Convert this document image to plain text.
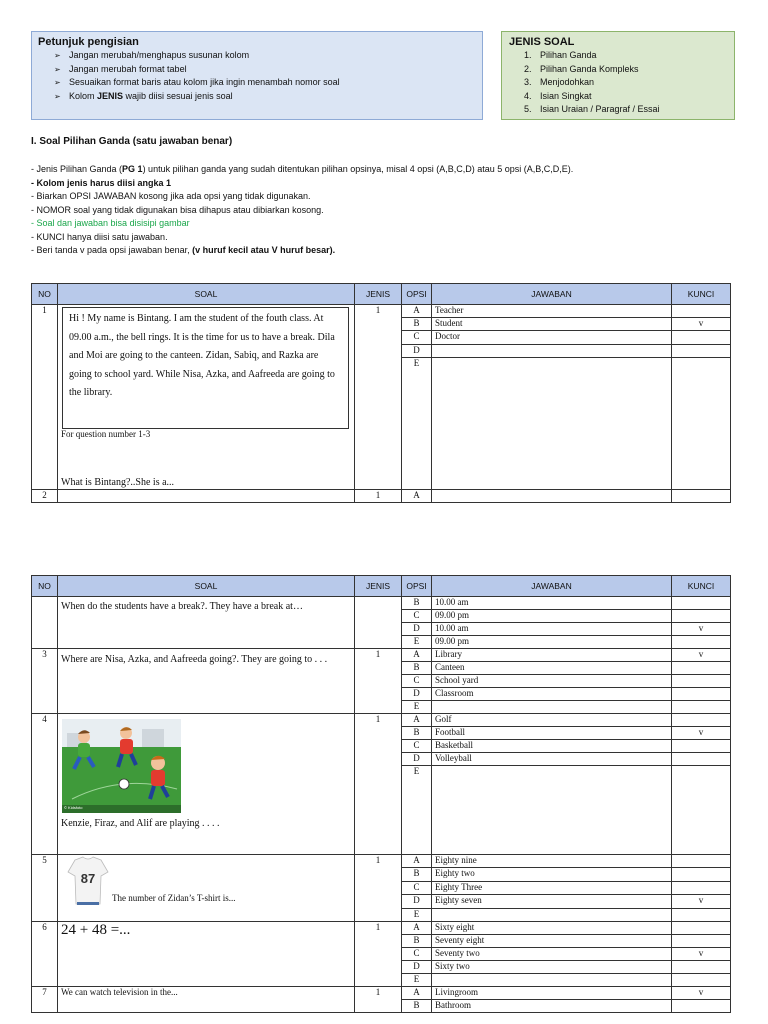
Petunjuk pengisian
➢ Jangan merubah/menghapus susunan kolom
➢ Jangan merubah format tabel
➢ Sesuaikan format baris atau kolom jika ingin menambah nomor soal
➢ Kolom JENIS wajib diisi sesuai jenis soal
JENIS SOAL
1. Pilihan Ganda
2. Pilihan Ganda Kompleks
3. Menjodohkan
4. Isian Singkat
5. Isian Uraian / Paragraf / Essai
I. Soal Pilihan Ganda (satu jawaban benar)
- Jenis Pilihan Ganda (PG 1) untuk pilihan ganda yang sudah ditentukan pilihan opsinya, misal 4 opsi (A,B,C,D) atau 5 opsi (A,B,C,D,E).
- Kolom jenis harus diisi angka 1
- Biarkan OPSI JAWABAN kosong jika ada opsi yang tidak digunakan.
- NOMOR soal yang tidak digunakan bisa dihapus atau dibiarkan kosong.
- Soal dan jawaban bisa disisipi gambar
- KUNCI hanya diisi satu jawaban.
- Beri tanda v pada opsi jawaban benar, (v huruf kecil atau V huruf besar).
NO	SOAL	JENIS	OPSI	JAWABAN	KUNCI
1	Hi ! My name is Bintang. I am the student of the fouth class. At 09.00 a.m., the bell rings. It is the time for us to have a break. Dila and Moi are going to the canteen. Zidan, Sabiq, and Razka are going to school yard. While Nisa, Azka, and Aafreeda are going to the library.
For question number 1-3
What is Bintang?..She is a...	1	A	Teacher	
			B	Student	v
			C	Doctor	
			D		
			E		
2		1	A		
NO	SOAL	JENIS	OPSI	JAWABAN	KUNCI
	When do the students have a break?. They have a break at…		B	10.00 am	
			C	09.00 pm	
			D	10.00 am	v
			E	09.00 pm	
3	Where are Nisa, Azka, and Aafreeda going?. They are going to . . .	1	A	Library	v
			B	Canteen	
			C	School yard	
			D	Classroom	
			E		
4	© Kidsfoto
Kenzie, Firaz, and Alif are playing . . . .	1	A	Golf	
			B	Football	v
			C	Basketball	
			D	Volleyball	
			E		
5	87
The number of Zidan’s T-shirt is...	1	A	Eighty nine	
			B	Eighty two	
			C	Eighty Three	
			D	Eighty seven	v
			E		
6	24 + 48 =...	1	A	Sixty eight	
			B	Seventy eight	
			C	Seventy two	v
			D	Sixty two	
			E		
7	We can watch television in the...	1	A	Livingroom	v
			B	Bathroom	
